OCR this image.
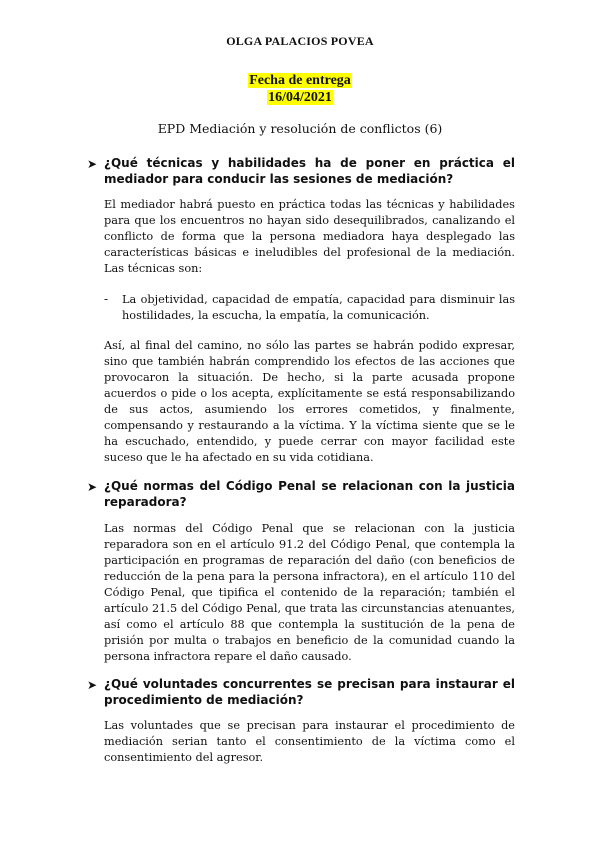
OLGA PALACIOS POVEA
Fecha de entrega
16/04/2021
EPD Mediación y resolución de conflictos (6)
➤ ¿Qué técnicas y habilidades ha de poner en práctica el mediador para conducir las sesiones de mediación?
El mediador habrá puesto en práctica todas las técnicas y habilidades para que los encuentros no hayan sido desequilibrados, canalizando el conflicto de forma que la persona mediadora haya desplegado las características básicas e ineludibles del profesional de la mediación. Las técnicas son:
- La objetividad, capacidad de empatía, capacidad para disminuir las hostilidades, la escucha, la empatía, la comunicación.
Así, al final del camino, no sólo las partes se habrán podido expresar, sino que también habrán comprendido los efectos de las acciones que provocaron la situación. De hecho, si la parte acusada propone acuerdos o pide o los acepta, explícitamente se está responsabilizando de sus actos, asumiendo los errores cometidos, y finalmente, compensando y restaurando a la víctima. Y la víctima siente que se le ha escuchado, entendido, y puede cerrar con mayor facilidad este suceso que le ha afectado en su vida cotidiana.
➤ ¿Qué normas del Código Penal se relacionan con la justicia reparadora?
Las normas del Código Penal que se relacionan con la justicia reparadora son en el artículo 91.2 del Código Penal, que contempla la participación en programas de reparación del daño (con beneficios de reducción de la pena para la persona infractora), en el artículo 110 del Código Penal, que tipifica el contenido de la reparación; también el artículo 21.5 del Código Penal, que trata las circunstancias atenuantes, así como el artículo 88 que contempla la sustitución de la pena de prisión por multa o trabajos en beneficio de la comunidad cuando la persona infractora repare el daño causado.
➤ ¿Qué voluntades concurrentes se precisan para instaurar el procedimiento de mediación?
Las voluntades que se precisan para instaurar el procedimiento de mediación serian tanto el consentimiento de la víctima como el consentimiento del agresor.
